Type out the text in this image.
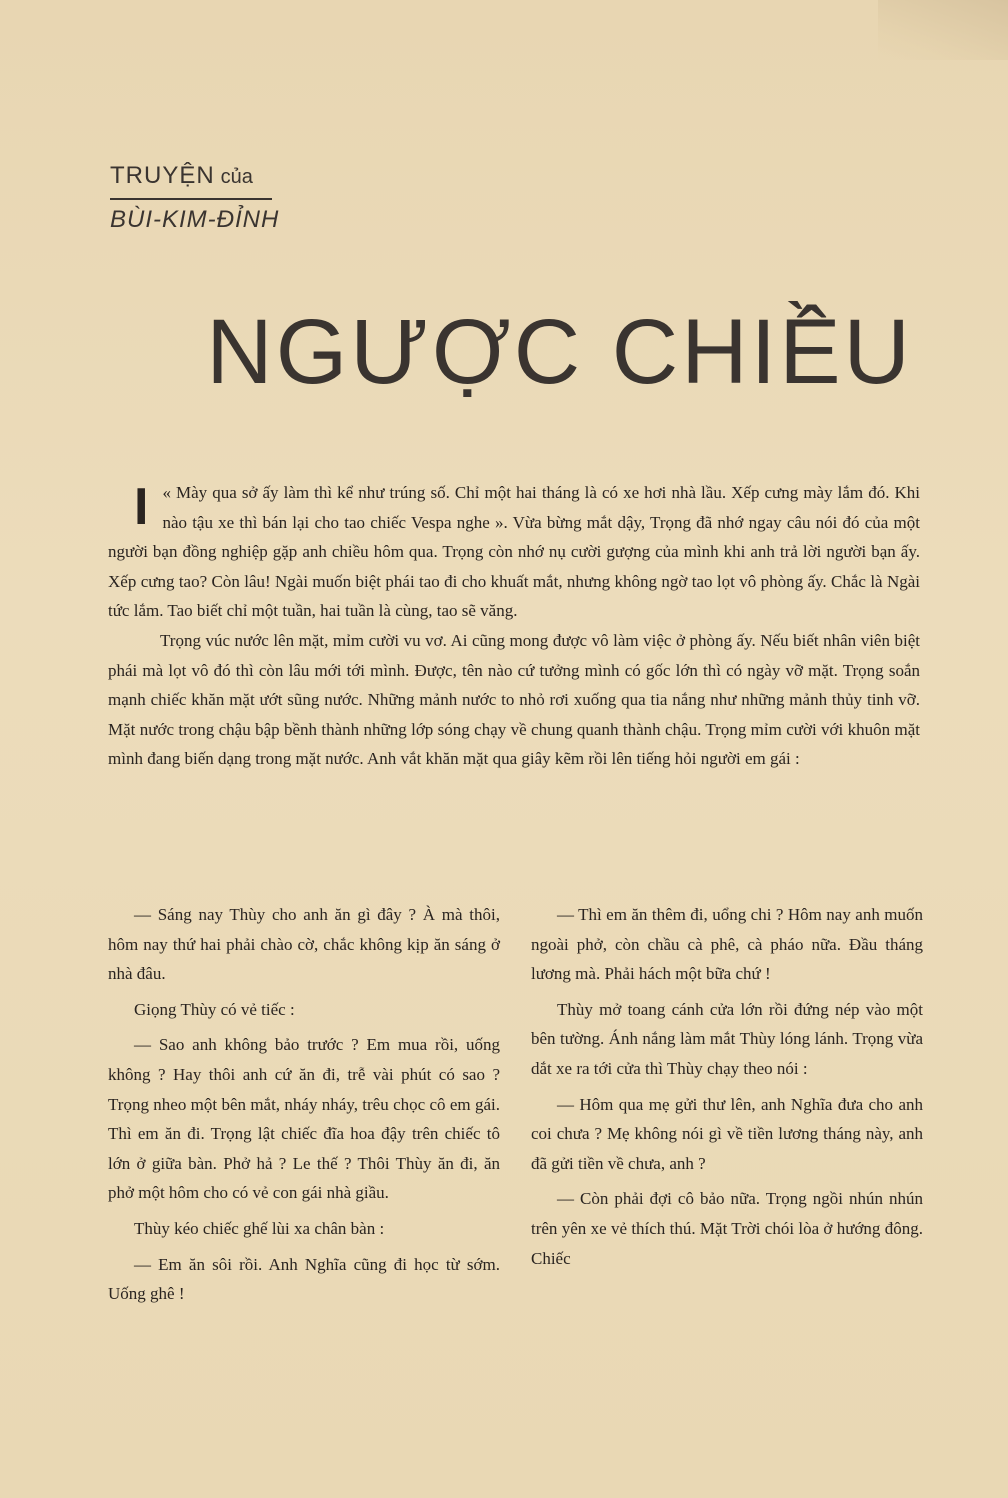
TRUYỆN của
BÙI-KIM-ĐỈNH
NGƯỢC CHIỀU

I « Mày qua sở ấy làm thì kể như trúng số. Chỉ một hai tháng là có xe hơi nhà lầu. Xếp cưng mày lắm đó. Khi nào tậu xe thì bán lại cho tao chiếc Vespa nghe ». Vừa bừng mắt dậy, Trọng đã nhớ ngay câu nói đó của một người bạn đồng nghiệp gặp anh chiều hôm qua. Trọng còn nhớ nụ cười gượng của mình khi anh trả lời người bạn ấy. Xếp cưng tao? Còn lâu! Ngài muốn biệt phái tao đi cho khuất mắt, nhưng không ngờ tao lọt vô phòng ấy. Chắc là Ngài tức lắm. Tao biết chỉ một tuần, hai tuần là cùng, tao sẽ văng.

Trọng vúc nước lên mặt, mỉm cười vu vơ. Ai cũng mong được vô làm việc ở phòng ấy. Nếu biết nhân viên biệt phái mà lọt vô đó thì còn lâu mới tới mình. Được, tên nào cứ tưởng mình có gốc lớn thì có ngày vỡ mặt. Trọng soắn mạnh chiếc khăn mặt ướt sũng nước. Những mảnh nước to nhỏ rơi xuống qua tia nắng như những mảnh thủy tinh vỡ. Mặt nước trong chậu bập bềnh thành những lớp sóng chạy về chung quanh thành chậu. Trọng mỉm cười với khuôn mặt mình đang biến dạng trong mặt nước. Anh vắt khăn mặt qua giây kẽm rồi lên tiếng hỏi người em gái :

— Sáng nay Thùy cho anh ăn gì đây ? À mà thôi, hôm nay thứ hai phải chào cờ, chắc không kịp ăn sáng ở nhà đâu.

Giọng Thùy có vẻ tiếc :

— Sao anh không bảo trước ? Em mua rồi, uống không ? Hay thôi anh cứ ăn đi, trễ vài phút có sao ? Trọng nheo một bên mắt, nháy nháy, trêu chọc cô em gái. Thì em ăn đi. Trọng lật chiếc đĩa hoa đậy trên chiếc tô lớn ở giữa bàn. Phở hả ? Le thế ? Thôi Thùy ăn đi, ăn phở một hôm cho có vẻ con gái nhà giầu.

Thùy kéo chiếc ghế lùi xa chân bàn :

— Em ăn sôi rồi. Anh Nghĩa cũng đi học từ sớm. Uống ghê !

— Thì em ăn thêm đi, uổng chi ? Hôm nay anh muốn ngoài phở, còn chầu cà phê, cà pháo nữa. Đầu tháng lương mà. Phải hách một bữa chứ !

Thùy mở toang cánh cửa lớn rồi đứng nép vào một bên tường. Ánh nắng làm mắt Thùy lóng lánh. Trọng vừa dắt xe ra tới cửa thì Thùy chạy theo nói :

— Hôm qua mẹ gửi thư lên, anh Nghĩa đưa cho anh coi chưa ? Mẹ không nói gì về tiền lương tháng này, anh đã gửi tiền về chưa, anh ?

— Còn phải đợi cô bảo nữa. Trọng ngồi nhún nhún trên yên xe vẻ thích thú. Mặt Trời chói lòa ở hướng đông. Chiếc
